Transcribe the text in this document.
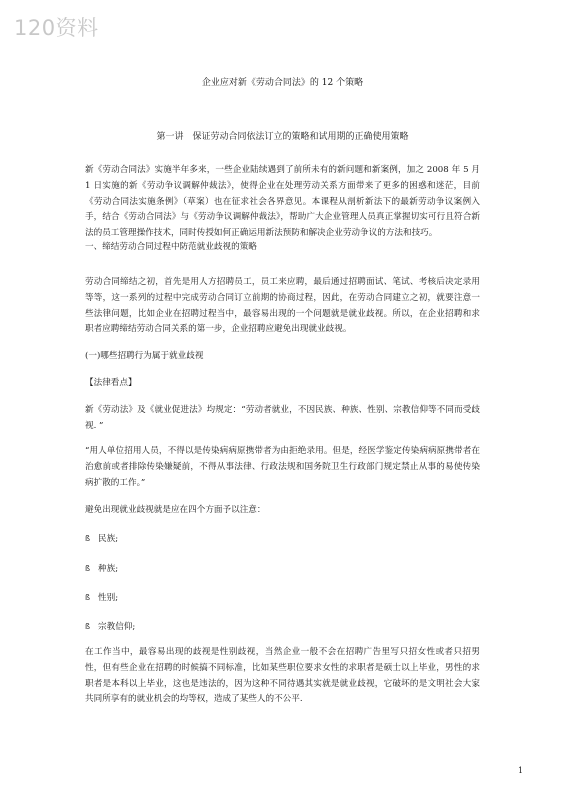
120资料
企业应对新《劳动合同法》的 12 个策略
第一讲　保证劳动合同依法订立的策略和试用期的正确使用策略
新《劳动合同法》实施半年多来，一些企业陆续遇到了前所未有的新问题和新案例，加之 2008 年 5 月 1 日实施的新《劳动争议调解仲裁法》，使得企业在处理劳动关系方面带来了更多的困惑和迷茫，目前《劳动合同法实施条例》（草案）也在征求社会各界意见。本课程从剖析新法下的最新劳动争议案例入手，结合《劳动合同法》与《劳动争议调解仲裁法》，帮助广大企业管理人员真正掌握切实可行且符合新法的员工管理操作技术，同时传授如何正确运用新法预防和解决企业劳动争议的方法和技巧。
一、缔结劳动合同过程中防范就业歧视的策略
劳动合同缔结之初，首先是用人方招聘员工，员工来应聘，最后通过招聘面试、笔试、考核后决定录用等等，这一系列的过程中完成劳动合同订立前期的协商过程，因此，在劳动合同建立之初，就要注意一些法律问题，比如企业在招聘过程当中，最容易出现的一个问题就是就业歧视。所以，在企业招聘和求职者应聘缔结劳动合同关系的第一步，企业招聘应避免出现就业歧视。
(一)哪些招聘行为属于就业歧视
【法律看点】
新《劳动法》及《就业促进法》均规定：“劳动者就业，不因民族、种族、性别、宗教信仰等不同而受歧视. ”
“用人单位招用人员，不得以是传染病病原携带者为由拒绝录用。但是，经医学鉴定传染病病原携带者在治愈前或者排除传染嫌疑前，不得从事法律、行政法规和国务院卫生行政部门规定禁止从事的易使传染病扩散的工作。”
避免出现就业歧视就是应在四个方面予以注意：
ß 民族;
ß 种族;
ß 性别;
ß 宗教信仰;
在工作当中，最容易出现的歧视是性别歧视，当然企业一般不会在招聘广告里写只招女性或者只招男性，但有些企业在招聘的时候搞不同标准，比如某些职位要求女性的求职者是硕士以上毕业，男性的求职者是本科以上毕业，这也是违法的，因为这种不同待遇其实就是就业歧视，它破坏的是文明社会大家共同所享有的就业机会的均等权，造成了某些人的不公平.
1
